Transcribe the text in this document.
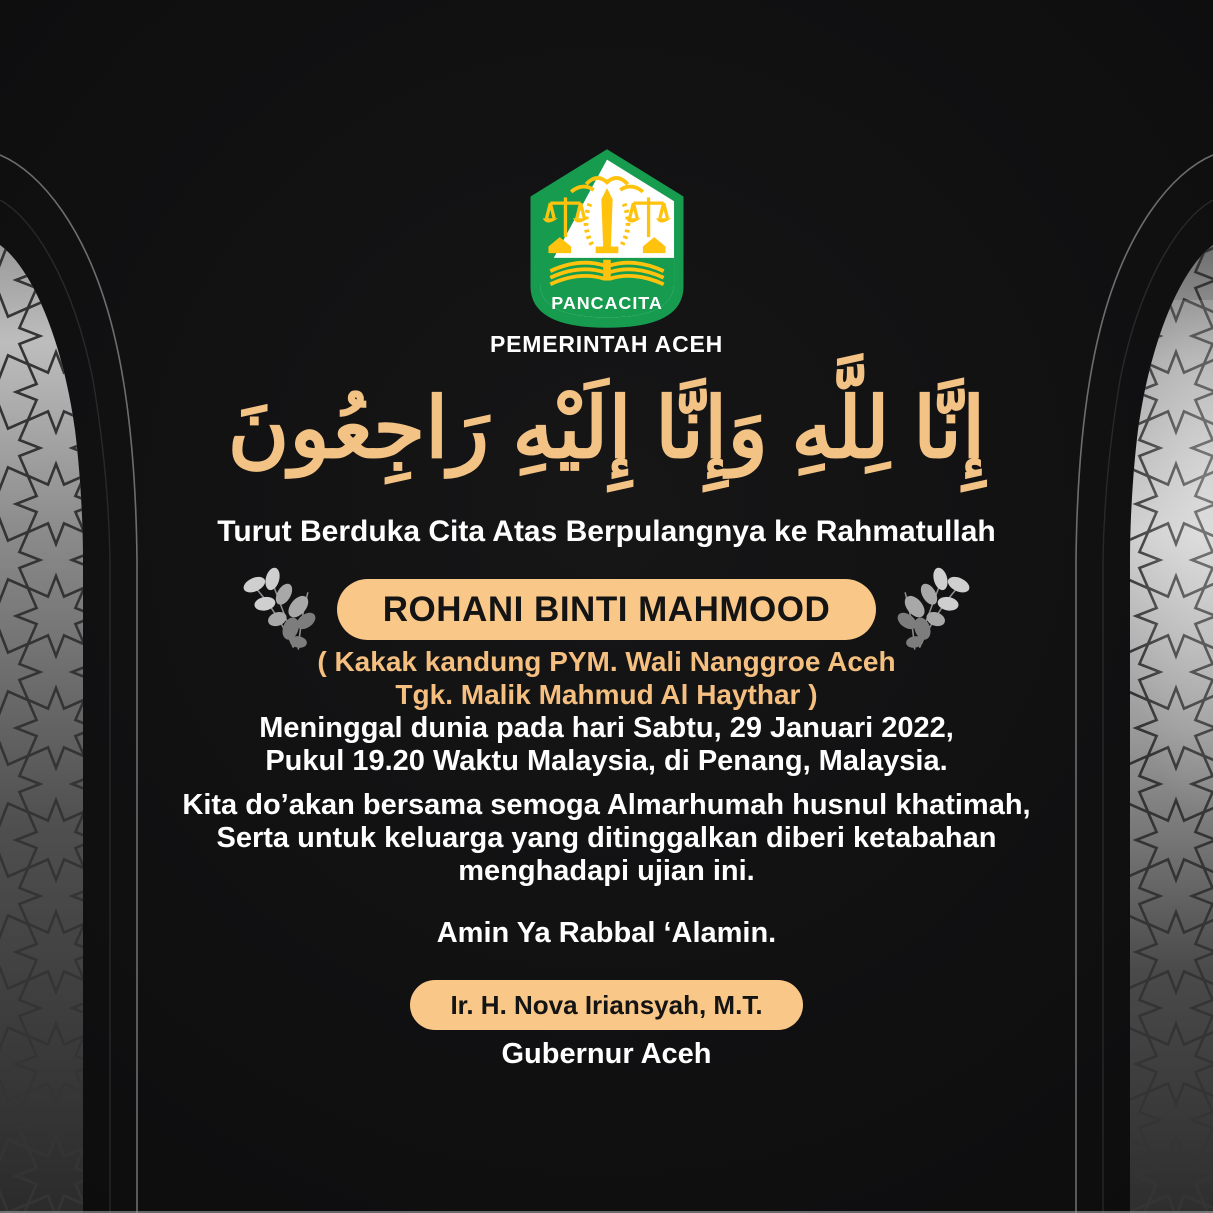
PANCACITA
PEMERINTAH ACEH
إِنَّا لِلَّهِ وَإِنَّا إِلَيْهِ رَاجِعُونَ
Turut Berduka Cita Atas Berpulangnya ke Rahmatullah
ROHANI BINTI MAHMOOD
( Kakak kandung PYM. Wali Nanggroe Aceh
Tgk. Malik Mahmud Al Haythar )
Meninggal dunia pada hari Sabtu, 29 Januari 2022,
Pukul 19.20 Waktu Malaysia, di Penang, Malaysia.
Kita do’akan bersama semoga Almarhumah husnul khatimah,
Serta untuk keluarga yang ditinggalkan diberi ketabahan
menghadapi ujian ini.
Amin Ya Rabbal ‘Alamin.
Ir. H. Nova Iriansyah, M.T.
Gubernur Aceh
